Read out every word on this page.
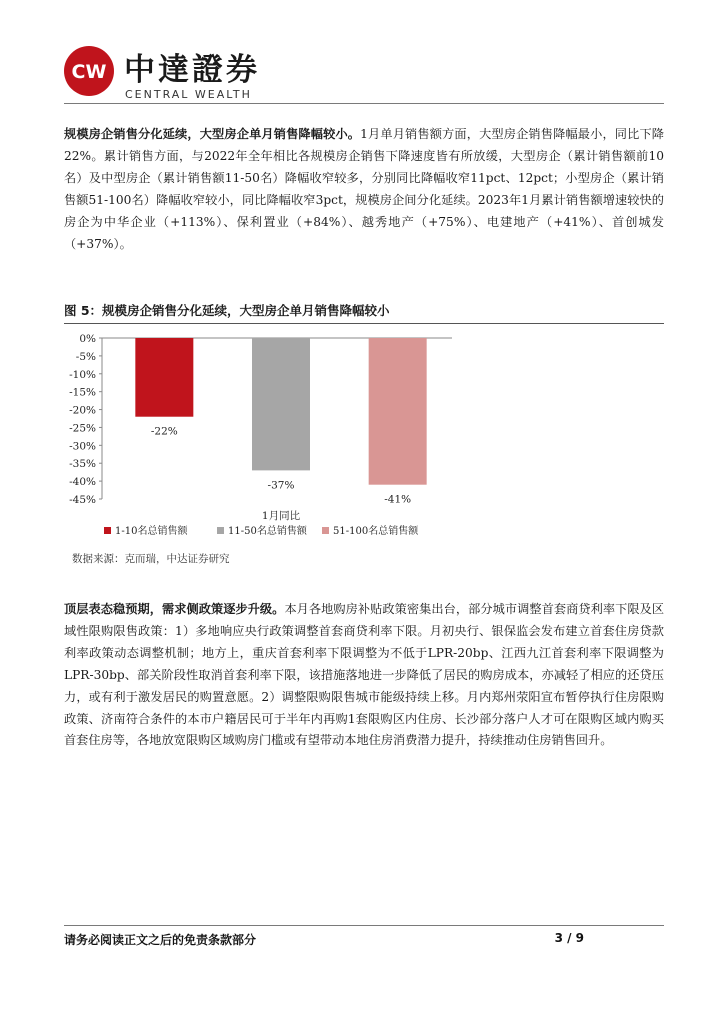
CW 中達證券
CENTRAL WEALTH
规模房企销售分化延续，大型房企单月销售降幅较小。1月单月销售额方面，大型房企销售降幅最小，同比下降22%。累计销售方面，与2022年全年相比各规模房企销售下降速度皆有所放缓，大型房企（累计销售额前10名）及中型房企（累计销售额11-50名）降幅收窄较多，分别同比降幅收窄11pct、12pct；小型房企（累计销售额51-100名）降幅收窄较小，同比降幅收窄3pct，规模房企间分化延续。2023年1月累计销售额增速较快的房企为中华企业（+113%）、保利置业（+84%）、越秀地产（+75%）、电建地产（+41%）、首创城发（+37%）。
图 5：规模房企销售分化延续，大型房企单月销售降幅较小
0%
-5%
-10%
-15%
-20%
-25%
-30%
-35%
-40%
-45%
-22%
-37%
-41%
1月同比
1-10名总销售额	11-50名总销售额	51-100名总销售额
数据来源：克而瑞，中达证券研究
顶层表态稳预期，需求侧政策逐步升级。本月各地购房补贴政策密集出台，部分城市调整首套商贷利率下限及区域性限购限售政策：1）多地响应央行政策调整首套商贷利率下限。月初央行、银保监会发布建立首套住房贷款利率政策动态调整机制；地方上，重庆首套利率下限调整为不低于LPR-20bp、江西九江首套利率下限调整为LPR-30bp、部关阶段性取消首套利率下限，该措施落地进一步降低了居民的购房成本，亦减轻了相应的还贷压力，或有利于激发居民的购置意愿。2）调整限购限售城市能级持续上移。月内郑州荥阳宣布暂停执行住房限购政策、济南符合条件的本市户籍居民可于半年内再购1套限购区内住房、长沙部分落户人才可在限购区域内购买首套住房等，各地放宽限购区域购房门槛或有望带动本地住房消费潜力提升，持续推动住房销售回升。
请务必阅读正文之后的免责条款部分	3 / 9
